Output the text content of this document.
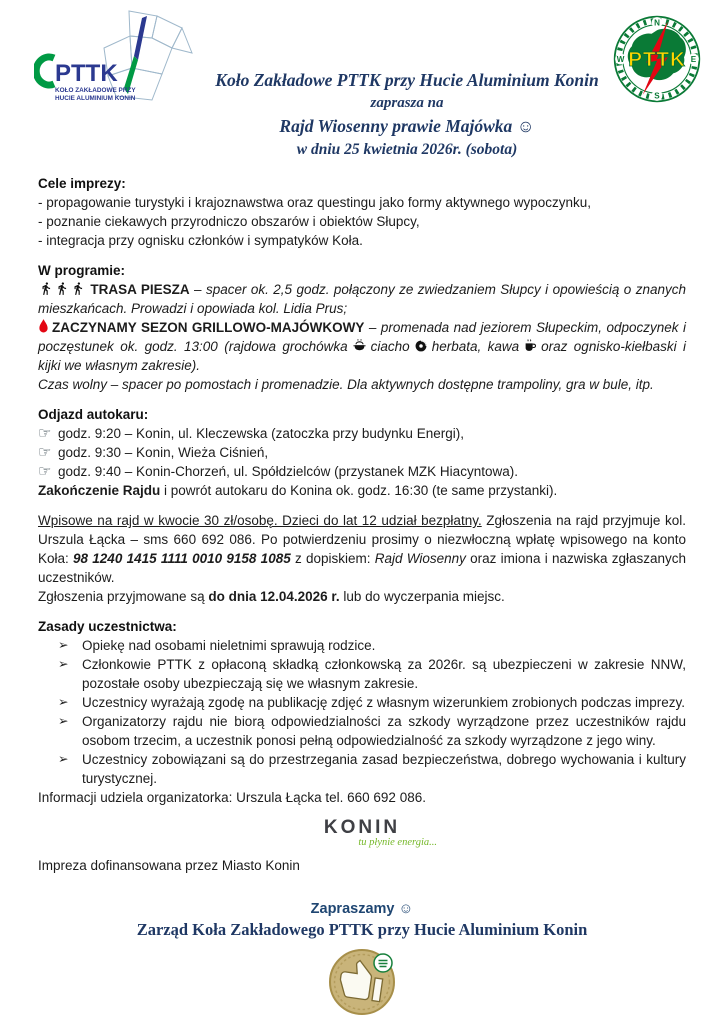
PTTK
KOŁO ZAKŁADOWE PRZY
HUCIE ALUMINIUM KONIN
PTTK
N
W	E
S
Koło Zakładowe PTTK przy Hucie Aluminium Konin
zaprasza na
Rajd Wiosenny prawie Majówka ☺
w dniu 25 kwietnia 2026r. (sobota)
Cele imprezy:
- propagowanie turystyki i krajoznawstwa oraz questingu jako formy aktywnego wypoczynku,
- poznanie ciekawych przyrodniczo obszarów i obiektów Słupcy,
- integracja przy ognisku członków i sympatyków Koła.
W programie:

TRASA PIESZA – spacer ok. 2,5 godz. połączony ze zwiedzaniem Słupcy i opowieścią o znanych mieszkańcach. Prowadzi i opowiada kol. Lidia Prus;

ZACZYNAMY SEZON GRILLOWO-MAJÓWKOWY – promenada nad jeziorem Słupeckim, odpoczynek i poczęstunek ok. godz. 13:00 (rajdowa grochówka ciacho herbata, kawa oraz ognisko-kiełbaski i kijki we własnym zakresie).

Czas wolny – spacer po pomostach i promenadzie. Dla aktywnych dostępne trampoliny, gra w bule, itp.

Odjazd autokaru:

☞ godz. 9:20 – Konin, ul. Kleczewska (zatoczka przy budynku Energi),

☞ godz. 9:30 – Konin, Wieża Ciśnień,

☞ godz. 9:40 – Konin-Chorzeń, ul. Spółdzielców (przystanek MZK Hiacyntowa).

Zakończenie Rajdu i powrót autokaru do Konina ok. godz. 16:30 (te same przystanki).

Wpisowe na rajd w kwocie 30 zł/osobę. Dzieci do lat 12 udział bezpłatny. Zgłoszenia na rajd przyjmuje kol. Urszula Łącka – sms 660 692 086. Po potwierdzeniu prosimy o niezwłoczną wpłatę wpisowego na konto Koła: 98 1240 1415 1111 0010 9158 1085 z dopiskiem: Rajd Wiosenny oraz imiona i nazwiska zgłaszanych uczestników.

Zgłoszenia przyjmowane są do dnia 12.04.2026 r. lub do wyczerpania miejsc.

Zasady uczestnictwa:
➢ Opiekę nad osobami nieletnimi sprawują rodzice.
➢ Członkowie PTTK z opłaconą składką członkowską za 2026r. są ubezpieczeni w zakresie NNW, pozostałe osoby ubezpieczają się we własnym zakresie.
➢ Uczestnicy wyrażają zgodę na publikację zdjęć z własnym wizerunkiem zrobionych podczas imprezy.
➢ Organizatorzy rajdu nie biorą odpowiedzialności za szkody wyrządzone przez uczestników rajdu osobom trzecim, a uczestnik ponosi pełną odpowiedzialność za szkody wyrządzone z jego winy.
➢ Uczestnicy zobowiązani są do przestrzegania zasad bezpieczeństwa, dobrego wychowania i kultury turystycznej.

Informacji udziela organizatorka: Urszula Łącka tel. 660 692 086.

KONIN
tu płynie energia...
Impreza dofinansowana przez Miasto Konin
Zapraszamy ☺
Zarząd Koła Zakładowego PTTK przy Hucie Aluminium Konin
